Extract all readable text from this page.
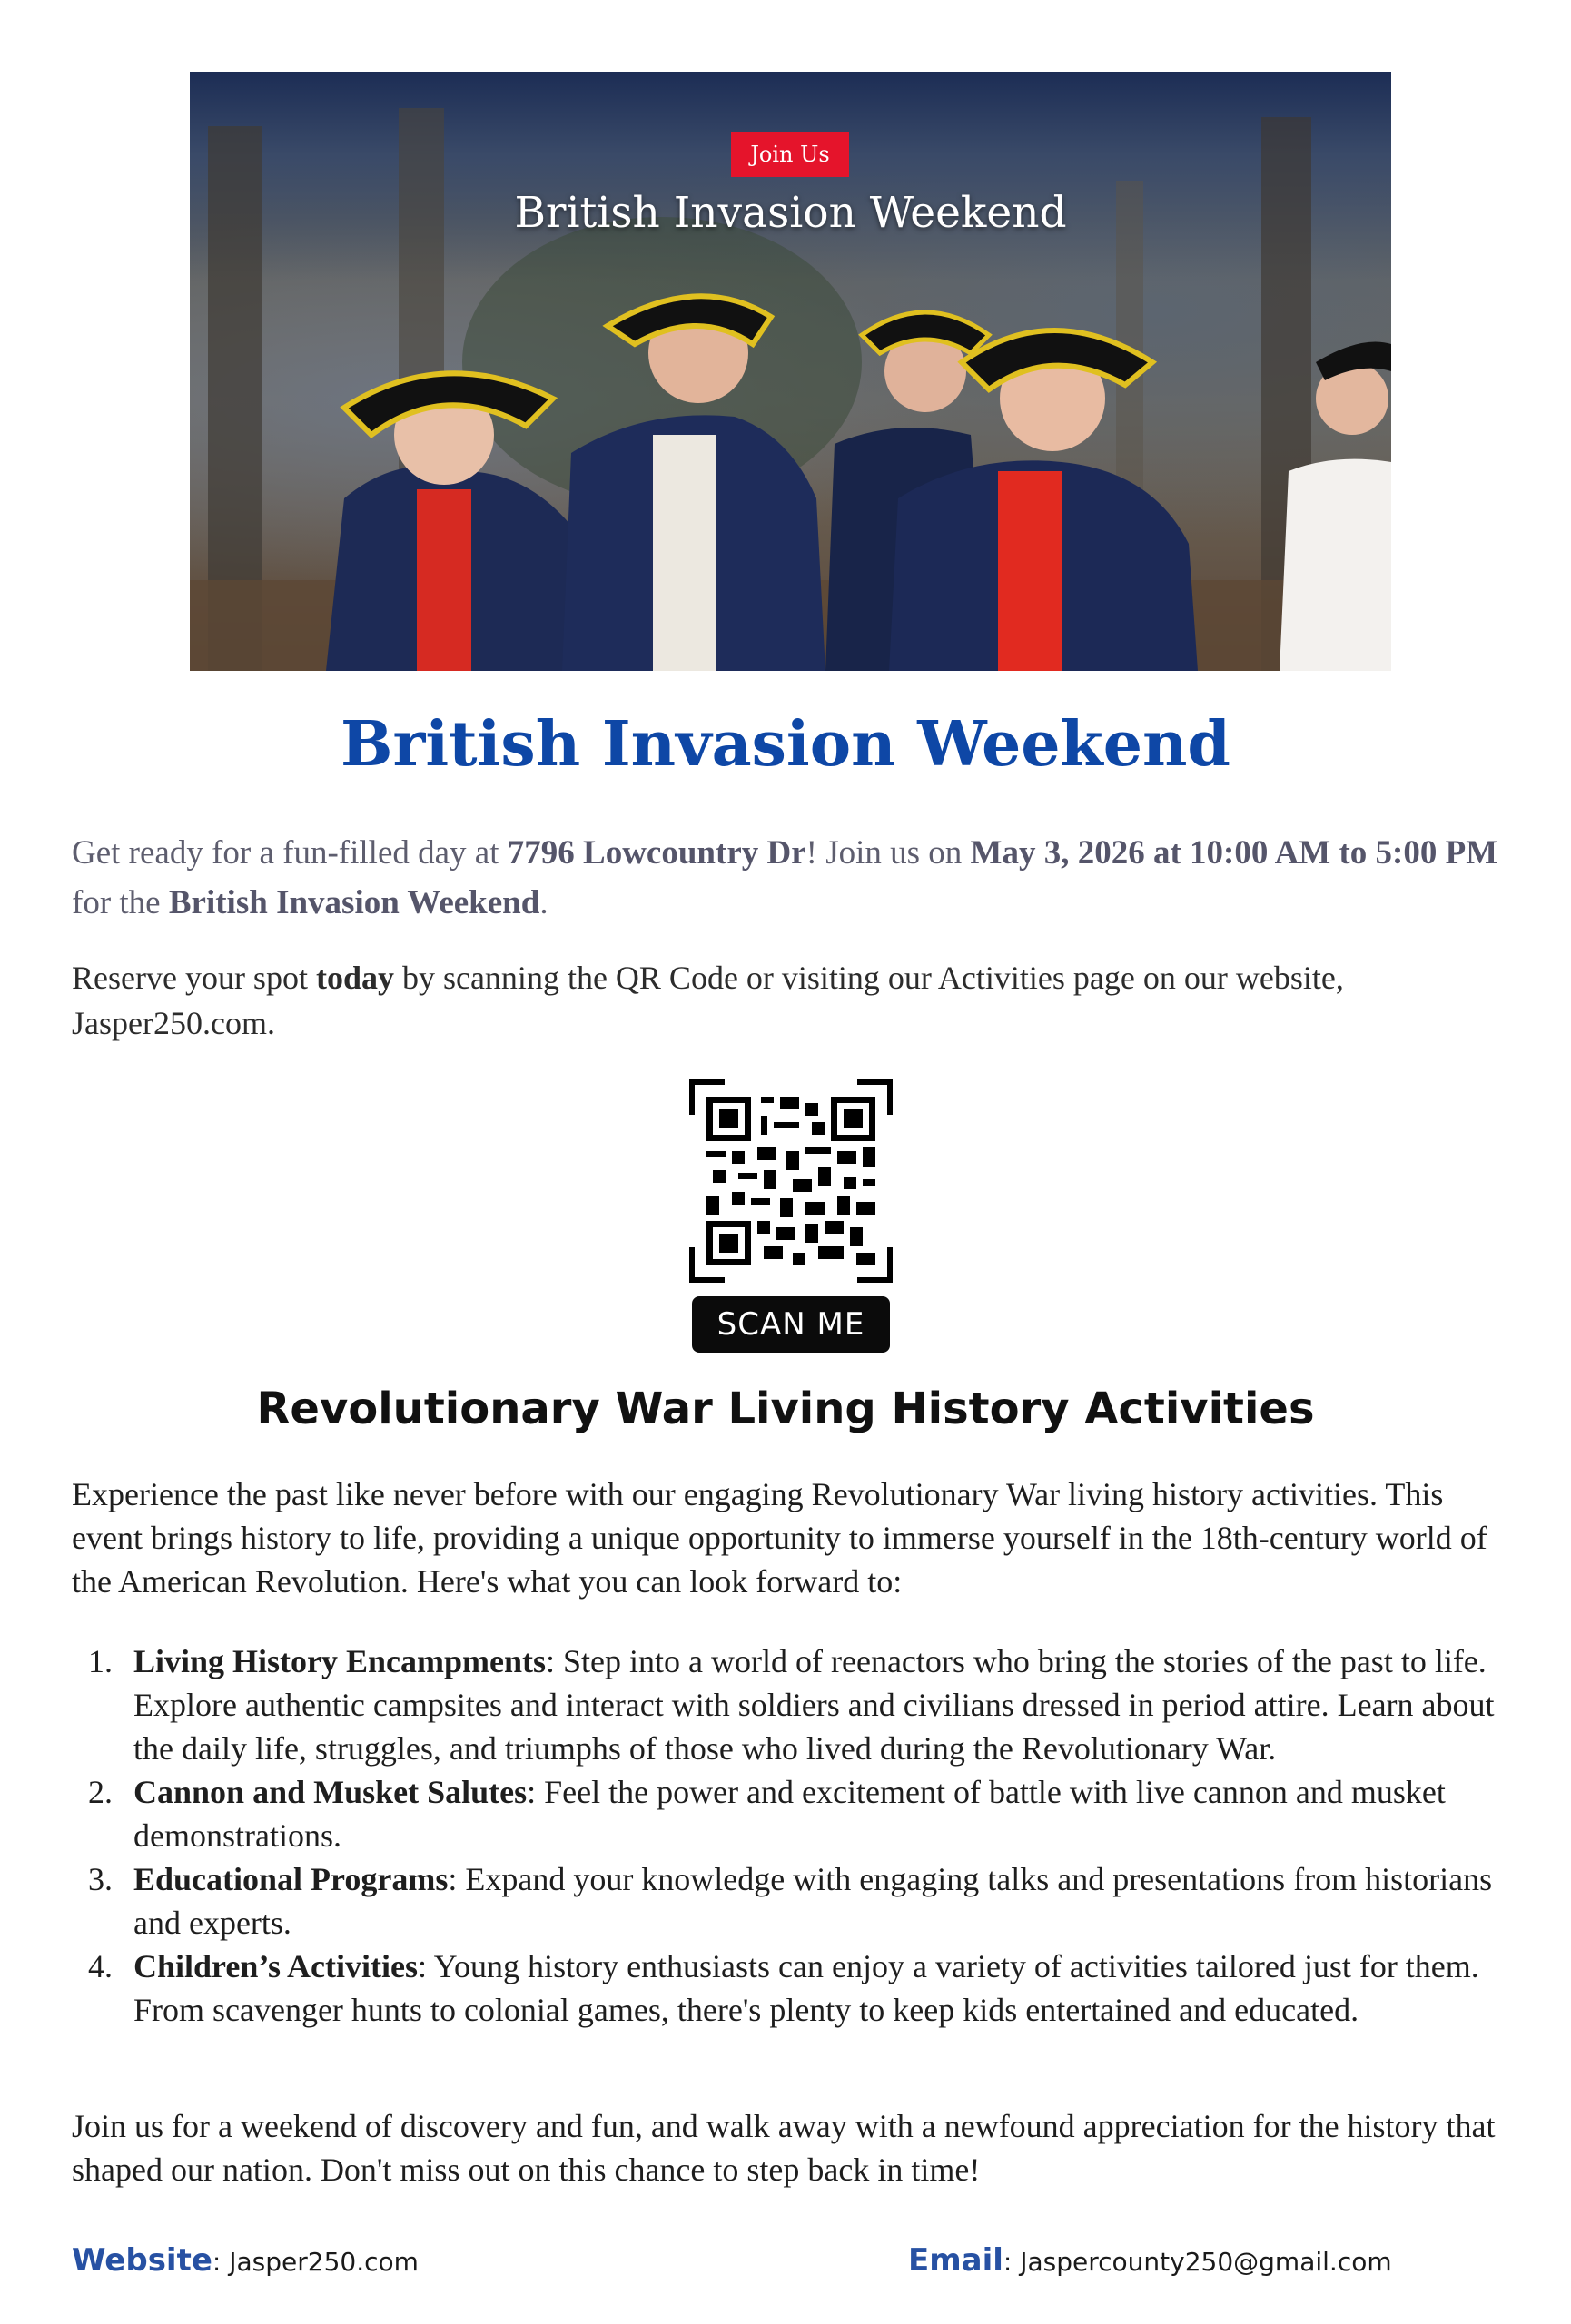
Join Us
British Invasion Weekend
British Invasion Weekend
Get ready for a fun-filled day at 7796 Lowcountry Dr! Join us on May 3, 2026 at 10:00 AM to 5:00 PM for the British Invasion Weekend.
Reserve your spot today by scanning the QR Code or visiting our Activities page on our website, Jasper250.com.
SCAN ME
Revolutionary War Living History Activities
Experience the past like never before with our engaging Revolutionary War living history activities. This event brings history to life, providing a unique opportunity to immerse yourself in the 18th-century world of the American Revolution. Here's what you can look forward to:
1. Living History Encampments: Step into a world of reenactors who bring the stories of the past to life. Explore authentic campsites and interact with soldiers and civilians dressed in period attire. Learn about the daily life, struggles, and triumphs of those who lived during the Revolutionary War.
2. Cannon and Musket Salutes: Feel the power and excitement of battle with live cannon and musket demonstrations.
3. Educational Programs: Expand your knowledge with engaging talks and presentations from historians and experts.
4. Children’s Activities: Young history enthusiasts can enjoy a variety of activities tailored just for them. From scavenger hunts to colonial games, there's plenty to keep kids entertained and educated.
Join us for a weekend of discovery and fun, and walk away with a newfound appreciation for the history that shaped our nation. Don't miss out on this chance to step back in time!
Website: Jasper250.com	Email: Jaspercounty250@gmail.com
